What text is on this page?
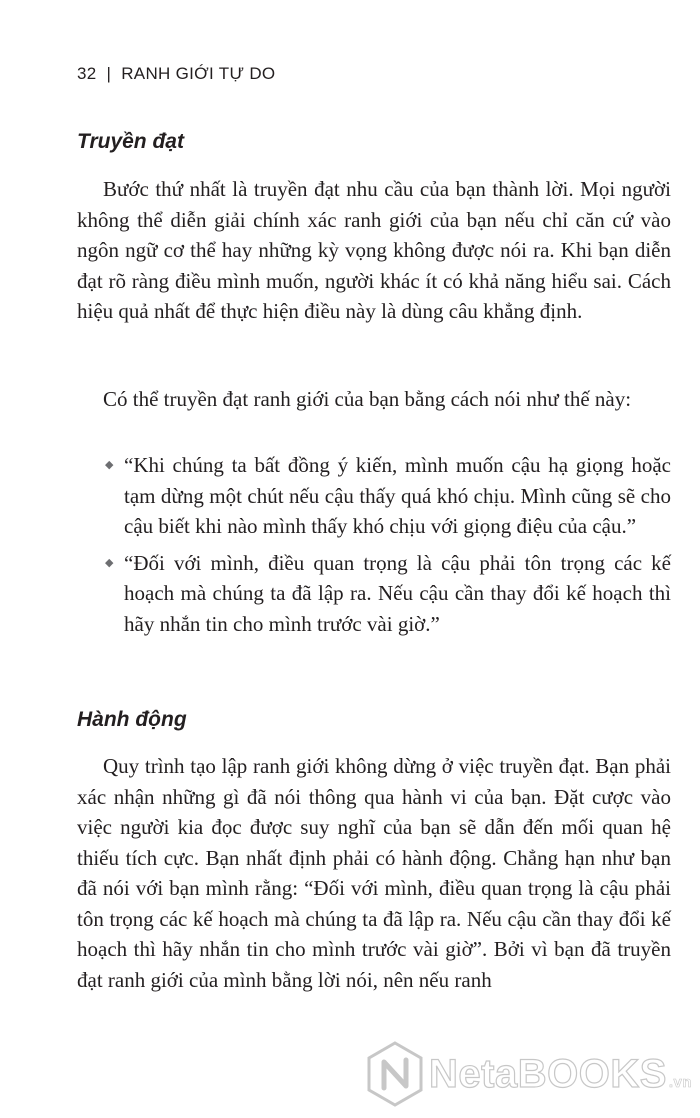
32 | RANH GIỚI TỰ DO
Truyền đạt

Bước thứ nhất là truyền đạt nhu cầu của bạn thành lời. Mọi người không thể diễn giải chính xác ranh giới của bạn nếu chỉ căn cứ vào ngôn ngữ cơ thể hay những kỳ vọng không được nói ra. Khi bạn diễn đạt rõ ràng điều mình muốn, người khác ít có khả năng hiểu sai. Cách hiệu quả nhất để thực hiện điều này là dùng câu khẳng định.

Có thể truyền đạt ranh giới của bạn bằng cách nói như thế này:

◆ “Khi chúng ta bất đồng ý kiến, mình muốn cậu hạ giọng hoặc tạm dừng một chút nếu cậu thấy quá khó chịu. Mình cũng sẽ cho cậu biết khi nào mình thấy khó chịu với giọng điệu của cậu.”
◆ “Đối với mình, điều quan trọng là cậu phải tôn trọng các kế hoạch mà chúng ta đã lập ra. Nếu cậu cần thay đổi kế hoạch thì hãy nhắn tin cho mình trước vài giờ.”
Hành động

Quy trình tạo lập ranh giới không dừng ở việc truyền đạt. Bạn phải xác nhận những gì đã nói thông qua hành vi của bạn. Đặt cược vào việc người kia đọc được suy nghĩ của bạn sẽ dẫn đến mối quan hệ thiếu tích cực. Bạn nhất định phải có hành động. Chẳng hạn như bạn đã nói với bạn mình rằng: “Đối với mình, điều quan trọng là cậu phải tôn trọng các kế hoạch mà chúng ta đã lập ra. Nếu cậu cần thay đổi kế hoạch thì hãy nhắn tin cho mình trước vài giờ”. Bởi vì bạn đã truyền đạt ranh giới của mình bằng lời nói, nên nếu ranh

NetaBOOKS .vn
